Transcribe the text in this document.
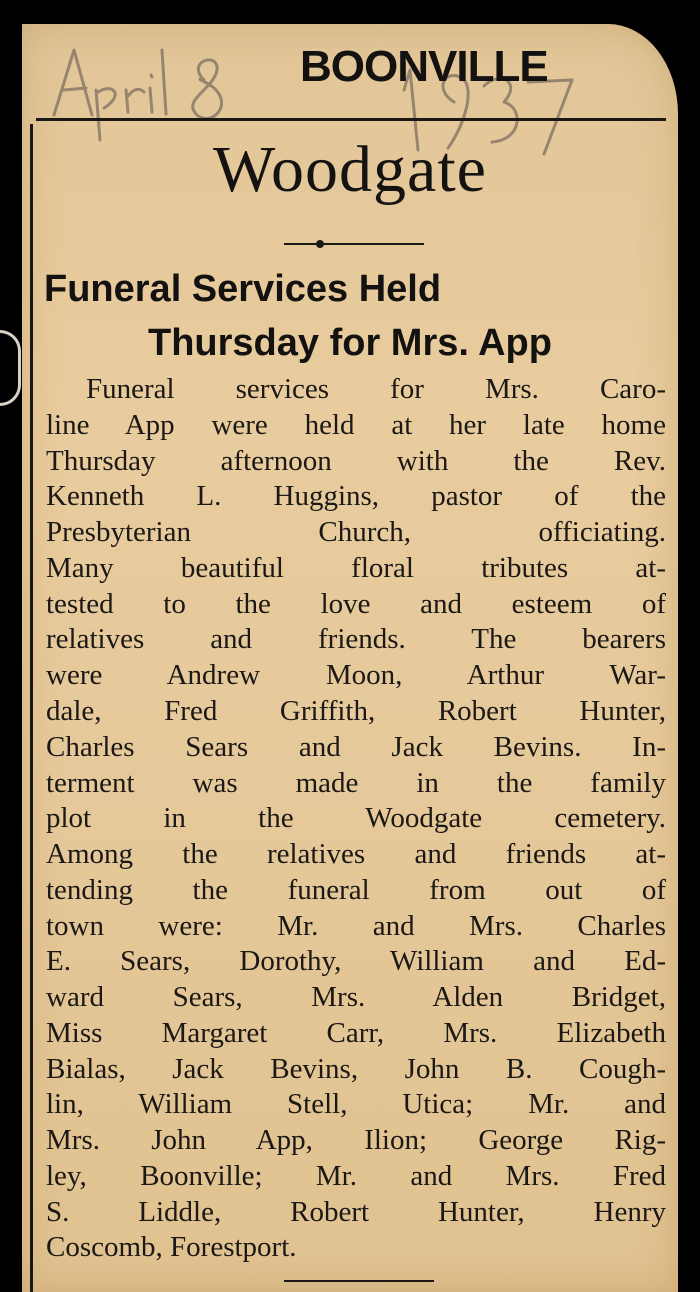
BOONVILLE
Woodgate
Funeral Services Held
Thursday for Mrs. App
Funeral services for Mrs. Caro-
line App were held at her late home
Thursday afternoon with the Rev.
Kenneth L. Huggins, pastor of the
Presbyterian Church, officiating.
Many beautiful floral tributes at-
tested to the love and esteem of
relatives and friends. The bearers
were Andrew Moon, Arthur War-
dale, Fred Griffith, Robert Hunter,
Charles Sears and Jack Bevins. In-
terment was made in the family
plot in the Woodgate cemetery.
Among the relatives and friends at-
tending the funeral from out of
town were: Mr. and Mrs. Charles
E. Sears, Dorothy, William and Ed-
ward Sears, Mrs. Alden Bridget,
Miss Margaret Carr, Mrs. Elizabeth
Bialas, Jack Bevins, John B. Cough-
lin, William Stell, Utica; Mr. and
Mrs. John App, Ilion; George Rig-
ley, Boonville; Mr. and Mrs. Fred
S. Liddle, Robert Hunter, Henry
Coscomb, Forestport.
